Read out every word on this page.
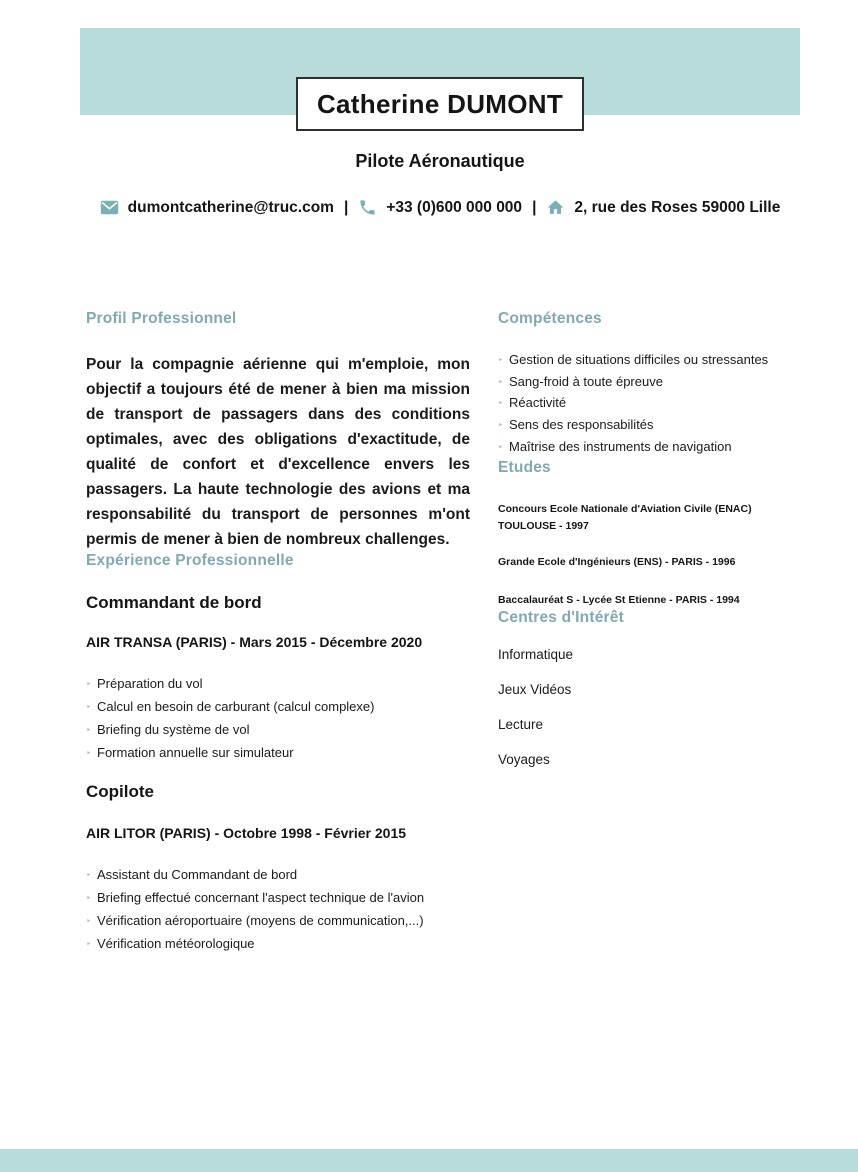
Catherine DUMONT
Pilote Aéronautique
dumontcatherine@truc.com | +33 (0)600 000 000 | 2, rue des Roses 59000 Lille
Profil Professionnel

Pour la compagnie aérienne qui m'emploie, mon objectif a toujours été de mener à bien ma mission de transport de passagers dans des conditions optimales, avec des obligations d'exactitude, de qualité de confort et d'excellence envers les passagers. La haute technologie des avions et ma responsabilité du transport de personnes m'ont permis de mener à bien de nombreux challenges.

Expérience Professionnelle
Commandant de bord
AIR TRANSA (PARIS) - Mars 2015 - Décembre 2020
‣ Préparation du vol
‣ Calcul en besoin de carburant (calcul complexe)
‣ Briefing du système de vol
‣ Formation annuelle sur simulateur
Copilote
AIR LITOR (PARIS) - Octobre 1998 - Février 2015
‣ Assistant du Commandant de bord
‣ Briefing effectué concernant l'aspect technique de l'avion
‣ Vérification aéroportuaire (moyens de communication,...)
‣ Vérification météorologique
Compétences
‣ Gestion de situations difficiles ou stressantes
‣ Sang-froid à toute épreuve
‣ Réactivité
‣ Sens des responsabilités
‣ Maîtrise des instruments de navigation
Etudes
Concours Ecole Nationale d'Aviation Civile (ENAC)
TOULOUSE - 1997
Grande Ecole d'Ingénieurs (ENS) - PARIS - 1996
Baccalauréat S - Lycée St Etienne - PARIS - 1994
Centres d'Intérêt
Informatique
Jeux Vidéos
Lecture
Voyages
